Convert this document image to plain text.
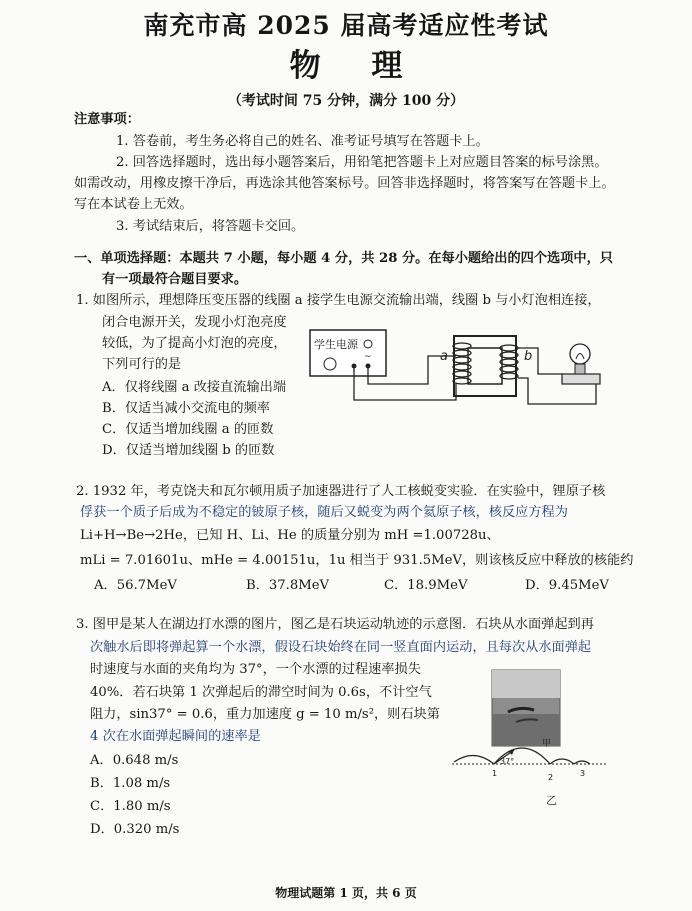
南充市高 2025 届高考适应性考试
物 理
（考试时间 75 分钟，满分 100 分）
注意事项：
1. 答卷前，考生务必将自己的姓名、准考证号填写在答题卡上。
2. 回答选择题时，选出每小题答案后，用铅笔把答题卡上对应题目答案的标号涂黑。
如需改动，用橡皮擦干净后，再选涂其他答案标号。回答非选择题时，将答案写在答题卡上。
写在本试卷上无效。
3. 考试结束后，将答题卡交回。
一、单项选择题：本题共 7 小题，每小题 4 分，共 28 分。在每小题给出的四个选项中，只
有一项最符合题目要求。
1. 如图所示，理想降压变压器的线圈 a 接学生电源交流输出端，线圈 b 与小灯泡相连接，
闭合电源开关，发现小灯泡亮度
较低，为了提高小灯泡的亮度，
下列可行的是
A．仅将线圈 a 改接直流输出端
B．仅适当减小交流电的频率
C．仅适当增加线圈 a 的匝数
D．仅适当增加线圈 b 的匝数
学生电源
~	a	b
2. 1932 年，考克饶夫和瓦尔顿用质子加速器进行了人工核蜕变实验．在实验中，锂原子核
俘获一个质子后成为不稳定的铍原子核，随后又蜕变为两个氦原子核，核反应方程为
Li+H→Be→2He，已知 H、Li、He 的质量分别为 mH =1.00728u、
mLi = 7.01601u、mHe = 4.00151u，1u 相当于 931.5MeV，则该核反应中释放的核能约
A．56.7MeV	B．37.8MeV	C．18.9MeV	D．9.45MeV
3. 图甲是某人在湖边打水漂的图片，图乙是石块运动轨迹的示意图．石块从水面弹起到再
次触水后即将弹起算一个水漂，假设石块始终在同一竖直面内运动，且每次从水面弹起
时速度与水面的夹角均为 37°，一个水漂的过程速率损失
40%．若石块第 1 次弹起后的滞空时间为 0.6s，不计空气
阻力，sin37° = 0.6，重力加速度 g = 10 m/s²，则石块第
4 次在水面弹起瞬间的速率是
A．0.648 m/s
B．1.08 m/s
C．1.80 m/s
D．0.320 m/s
甲
37°
1	2	3
乙
物理试题第 1 页，共 6 页
